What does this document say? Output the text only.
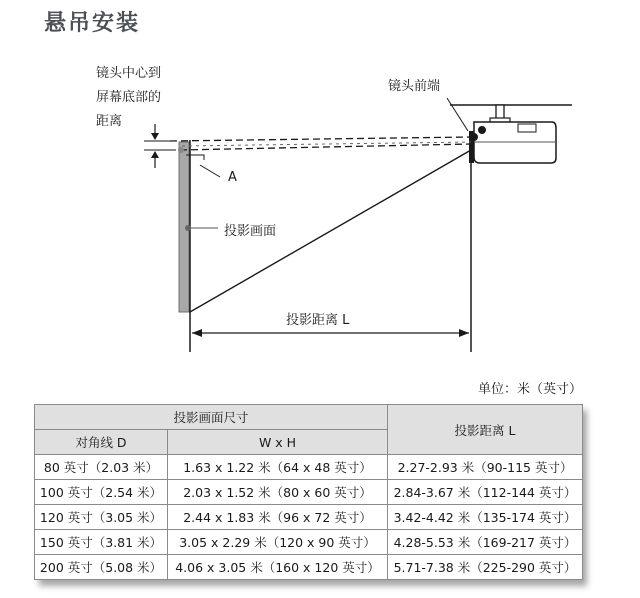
悬吊安装
镜头中心到
屏幕底部的
距离
镜头前端
A
投影画面
投影距离 L
单位：米（英寸）
投影画面尺寸		投影距离 L
对角线 D	W x H	
80 英寸（2.03 米）	1.63 x 1.22 米（64 x 48 英寸）	2.27-2.93 米（90-115 英寸）
100 英寸（2.54 米）	2.03 x 1.52 米（80 x 60 英寸）	2.84-3.67 米（112-144 英寸）
120 英寸（3.05 米）	2.44 x 1.83 米（96 x 72 英寸）	3.42-4.42 米（135-174 英寸）
150 英寸（3.81 米）	3.05 x 2.29 米（120 x 90 英寸）	4.28-5.53 米（169-217 英寸）
200 英寸（5.08 米）	4.06 x 3.05 米（160 x 120 英寸）	5.71-7.38 米（225-290 英寸）
